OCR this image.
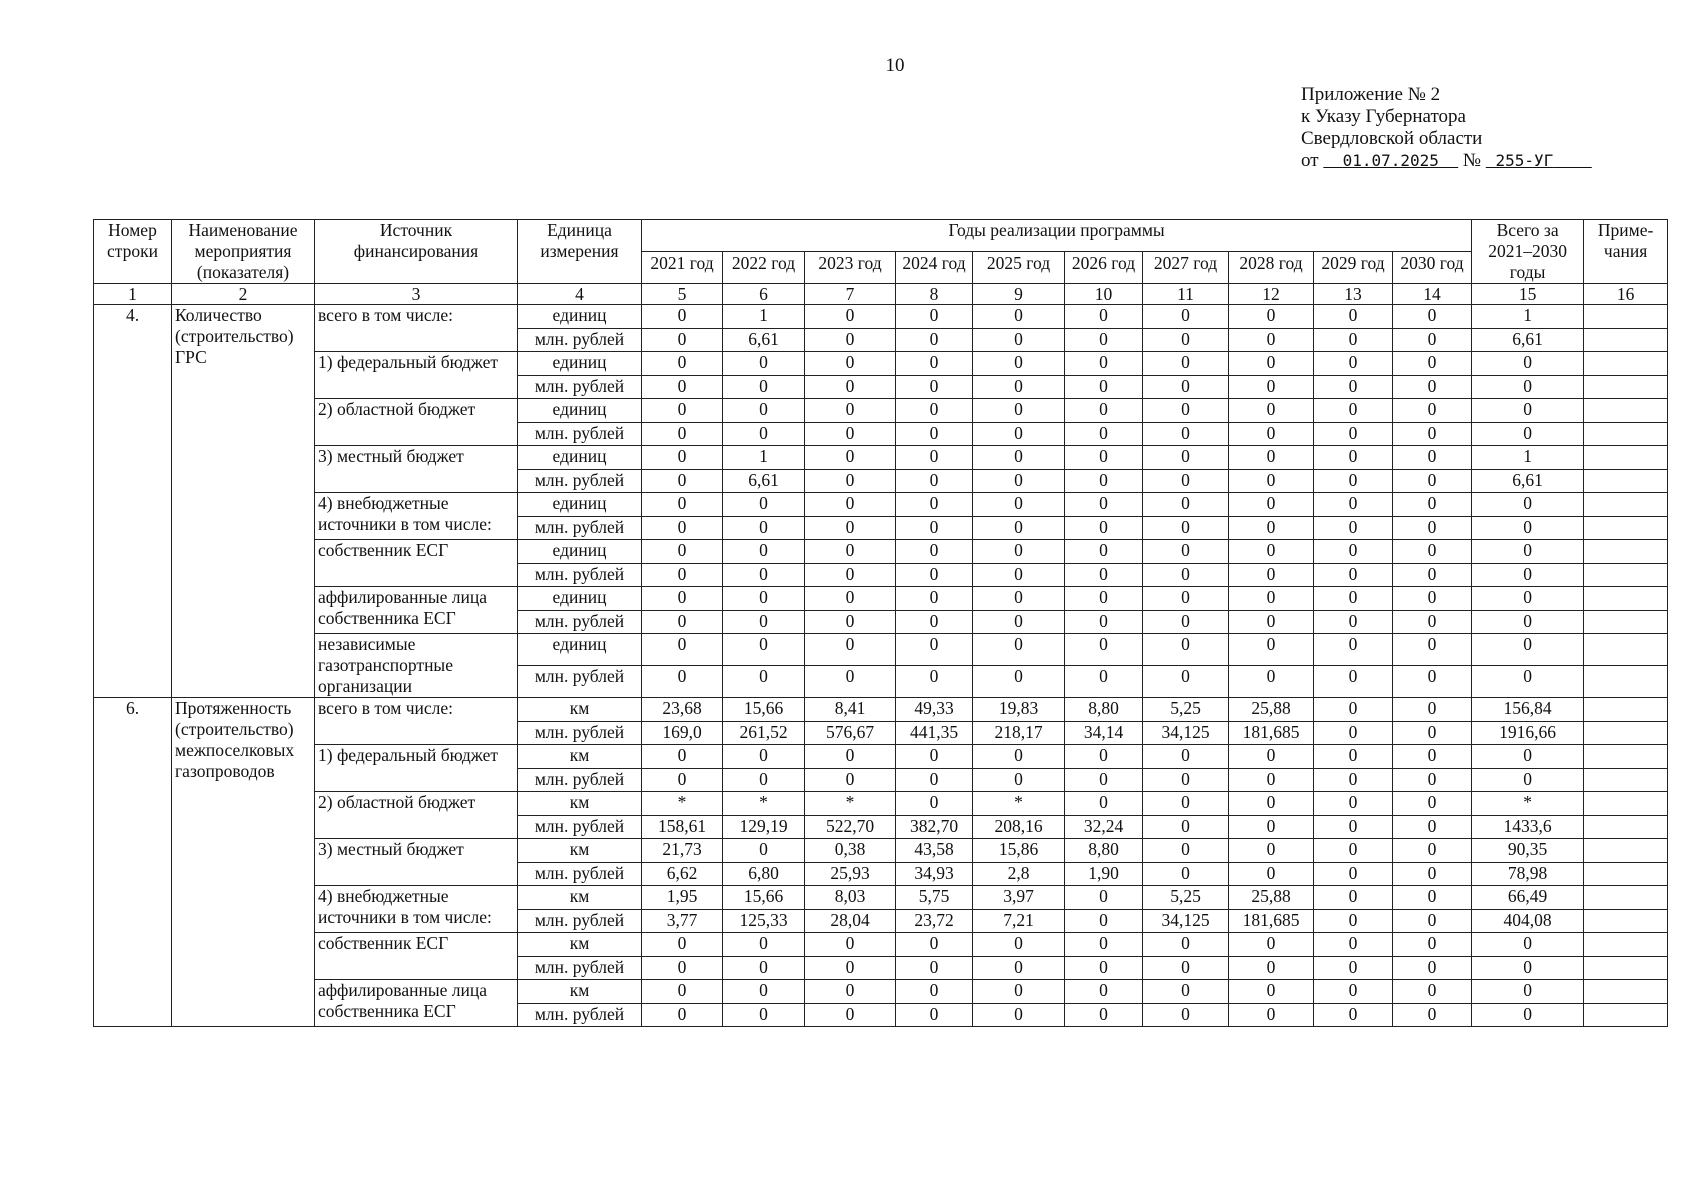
10
Приложение № 2
к Указу Губернатора
Свердловской области
от 01.07.2025 № 255-УГ
Номер строки	Наименование мероприятия (показателя)	Источник финансирования	Единица измерения	Годы реализации программы										Всего за 2021–2030 годы	Приме-чания
				2021 год	2022 год	2023 год	2024 год	2025 год	2026 год	2027 год	2028 год	2029 год	2030 год		
1	2	3	4	5	6	7	8	9	10	11	12	13	14	15	16
4.	Количество (строительство) ГРС	всего в том числе:	единиц	0	1	0	0	0	0	0	0	0	0	1	
			млн. рублей	0	6,61	0	0	0	0	0	0	0	0	6,61	
		1) федеральный бюджет	единиц	0	0	0	0	0	0	0	0	0	0	0	
			млн. рублей	0	0	0	0	0	0	0	0	0	0	0	
		2) областной бюджет	единиц	0	0	0	0	0	0	0	0	0	0	0	
			млн. рублей	0	0	0	0	0	0	0	0	0	0	0	
		3) местный бюджет	единиц	0	1	0	0	0	0	0	0	0	0	1	
			млн. рублей	0	6,61	0	0	0	0	0	0	0	0	6,61	
		4) внебюджетные источники в том числе:	единиц	0	0	0	0	0	0	0	0	0	0	0	
			млн. рублей	0	0	0	0	0	0	0	0	0	0	0	
		собственник ЕСГ	единиц	0	0	0	0	0	0	0	0	0	0	0	
			млн. рублей	0	0	0	0	0	0	0	0	0	0	0	
		аффилированные лица собственника ЕСГ	единиц	0	0	0	0	0	0	0	0	0	0	0	
			млн. рублей	0	0	0	0	0	0	0	0	0	0	0	
		независимые газотранспортные организации	единиц	0	0	0	0	0	0	0	0	0	0	0	
			млн. рублей	0	0	0	0	0	0	0	0	0	0	0	
6.	Протяженность (строительство) межпоселковых газопроводов	всего в том числе:	км	23,68	15,66	8,41	49,33	19,83	8,80	5,25	25,88	0	0	156,84	
			млн. рублей	169,0	261,52	576,67	441,35	218,17	34,14	34,125	181,685	0	0	1916,66	
		1) федеральный бюджет	км	0	0	0	0	0	0	0	0	0	0	0	
			млн. рублей	0	0	0	0	0	0	0	0	0	0	0	
		2) областной бюджет	км	*	*	*	0	*	0	0	0	0	0	*	
			млн. рублей	158,61	129,19	522,70	382,70	208,16	32,24	0	0	0	0	1433,6	
		3) местный бюджет	км	21,73	0	0,38	43,58	15,86	8,80	0	0	0	0	90,35	
			млн. рублей	6,62	6,80	25,93	34,93	2,8	1,90	0	0	0	0	78,98	
		4) внебюджетные источники в том числе:	км	1,95	15,66	8,03	5,75	3,97	0	5,25	25,88	0	0	66,49	
			млн. рублей	3,77	125,33	28,04	23,72	7,21	0	34,125	181,685	0	0	404,08	
		собственник ЕСГ	км	0	0	0	0	0	0	0	0	0	0	0	
			млн. рублей	0	0	0	0	0	0	0	0	0	0	0	
		аффилированные лица собственника ЕСГ	км	0	0	0	0	0	0	0	0	0	0	0	
			млн. рублей	0	0	0	0	0	0	0	0	0	0	0	
